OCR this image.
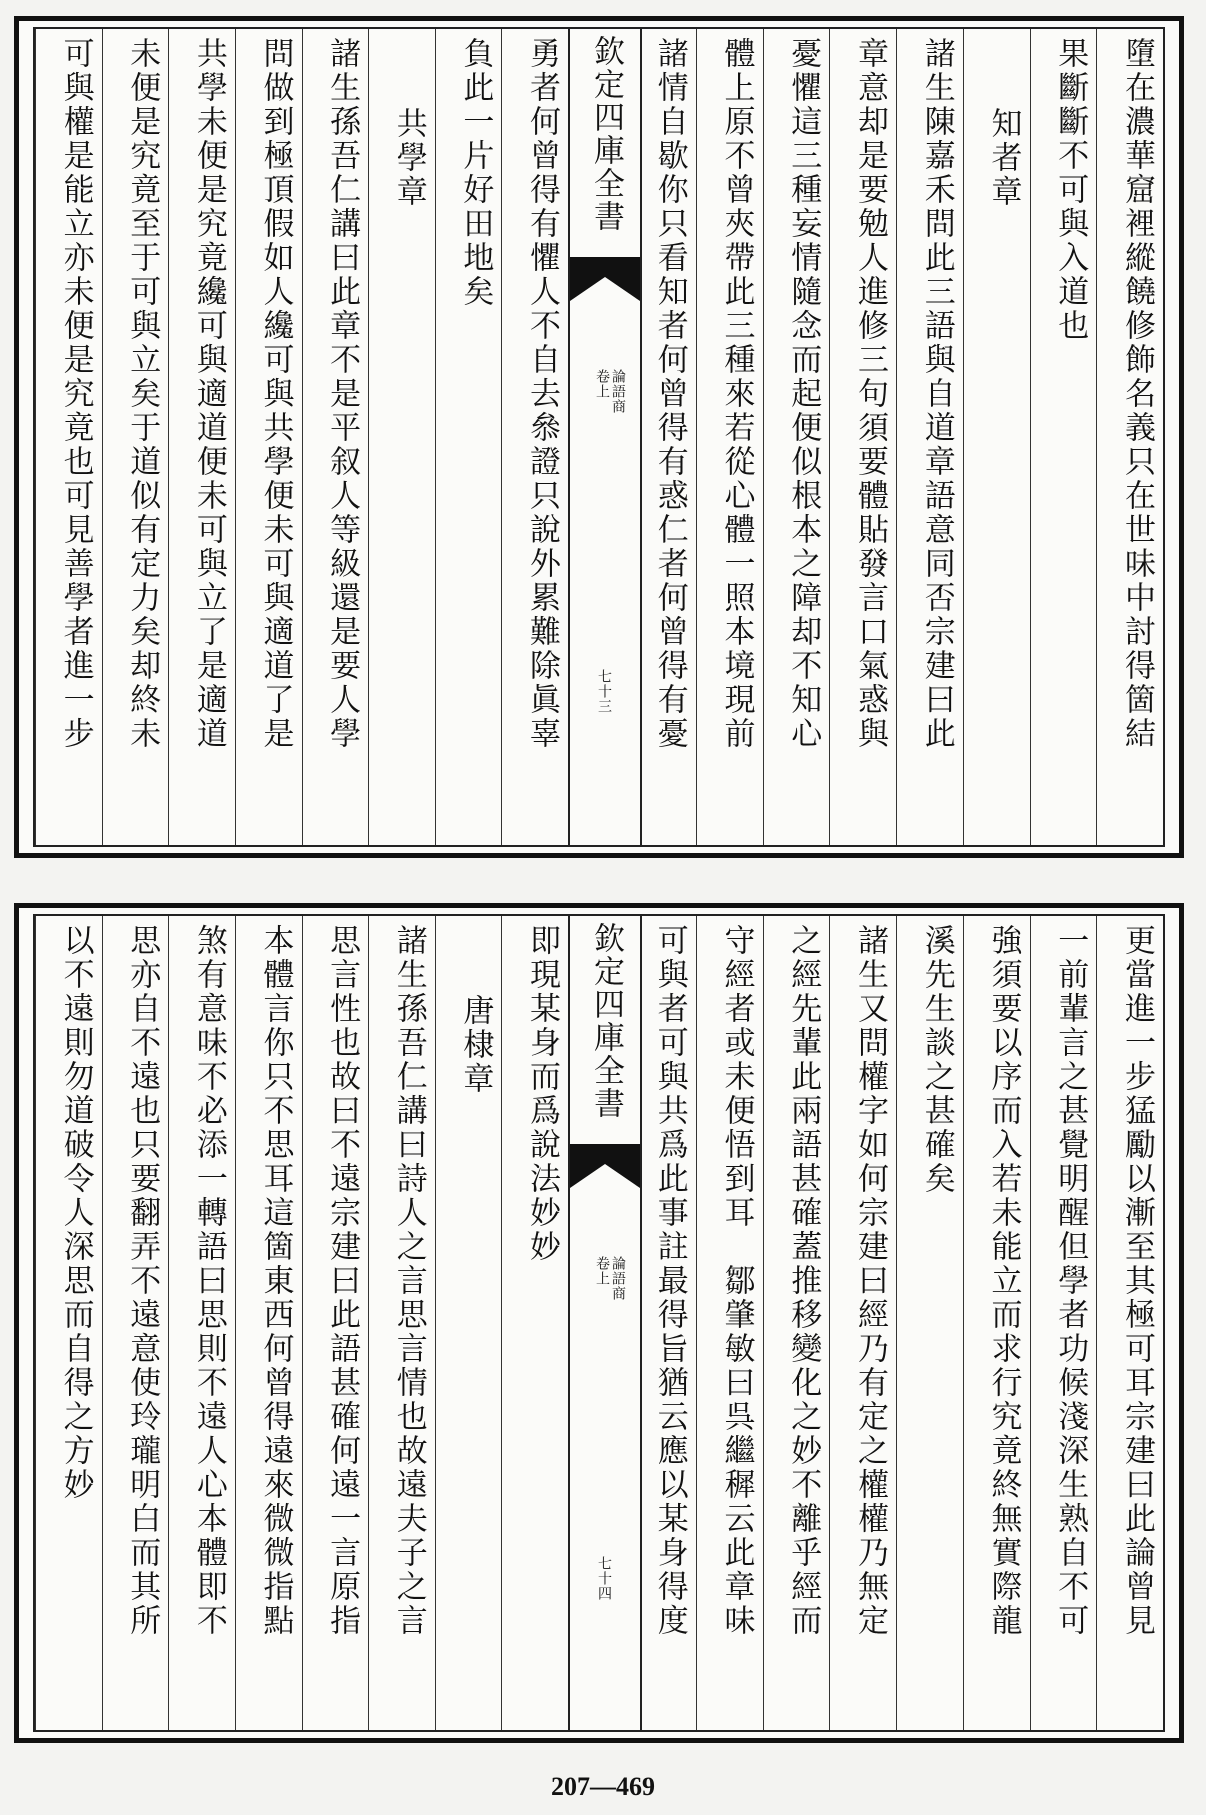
墮在濃華窟裡縱饒修飾名義只在世味中討得箇結
果斷斷不可與入道也
知者章
諸生陳嘉禾問此三語與自道章語意同否宗建曰此
章意却是要勉人進修三句須要體貼發言口氣惑與
憂懼這三種妄情隨念而起便似根本之障却不知心
體上原不曾夾帶此三種來若從心體一照本境現前
諸情自歇你只看知者何曾得有惑仁者何曾得有憂
欽定四庫全書
論語商
卷上
七十三
勇者何曾得有懼人不自去叅證只說外累難除眞辜
負此一片好田地矣
共學章
諸生孫吾仁講曰此章不是平叙人等級還是要人學
問做到極頂假如人纔可與共學便未可與適道了是
共學未便是究竟纔可與適道便未可與立了是適道
未便是究竟至于可與立矣于道似有定力矣却終未
可與權是能立亦未便是究竟也可見善學者進一步
更當進一步猛勵以漸至其極可耳宗建曰此論曾見
一前輩言之甚覺明醒但學者功候淺深生熟自不可
強須要以序而入若未能立而求行究竟終無實際龍
溪先生談之甚確矣
諸生又問權字如何宗建曰經乃有定之權權乃無定
之經先輩此兩語甚確蓋推移變化之妙不離乎經而
守經者或未便悟到耳　鄒肇敏曰呉繼穉云此章味
可與者可與共爲此事註最得旨猶云應以某身得度
欽定四庫全書
論語商
卷上
七十四
即現某身而爲說法妙妙
唐棣章
諸生孫吾仁講曰詩人之言思言情也故遠夫子之言
思言性也故曰不遠宗建曰此語甚確何遠一言原指
本體言你只不思耳這箇東西何曾得遠來微微指點
煞有意味不必添一轉語曰思則不遠人心本體即不
思亦自不遠也只要翻弄不遠意使玲瓏明白而其所
以不遠則勿道破令人深思而自得之方妙
207—469
